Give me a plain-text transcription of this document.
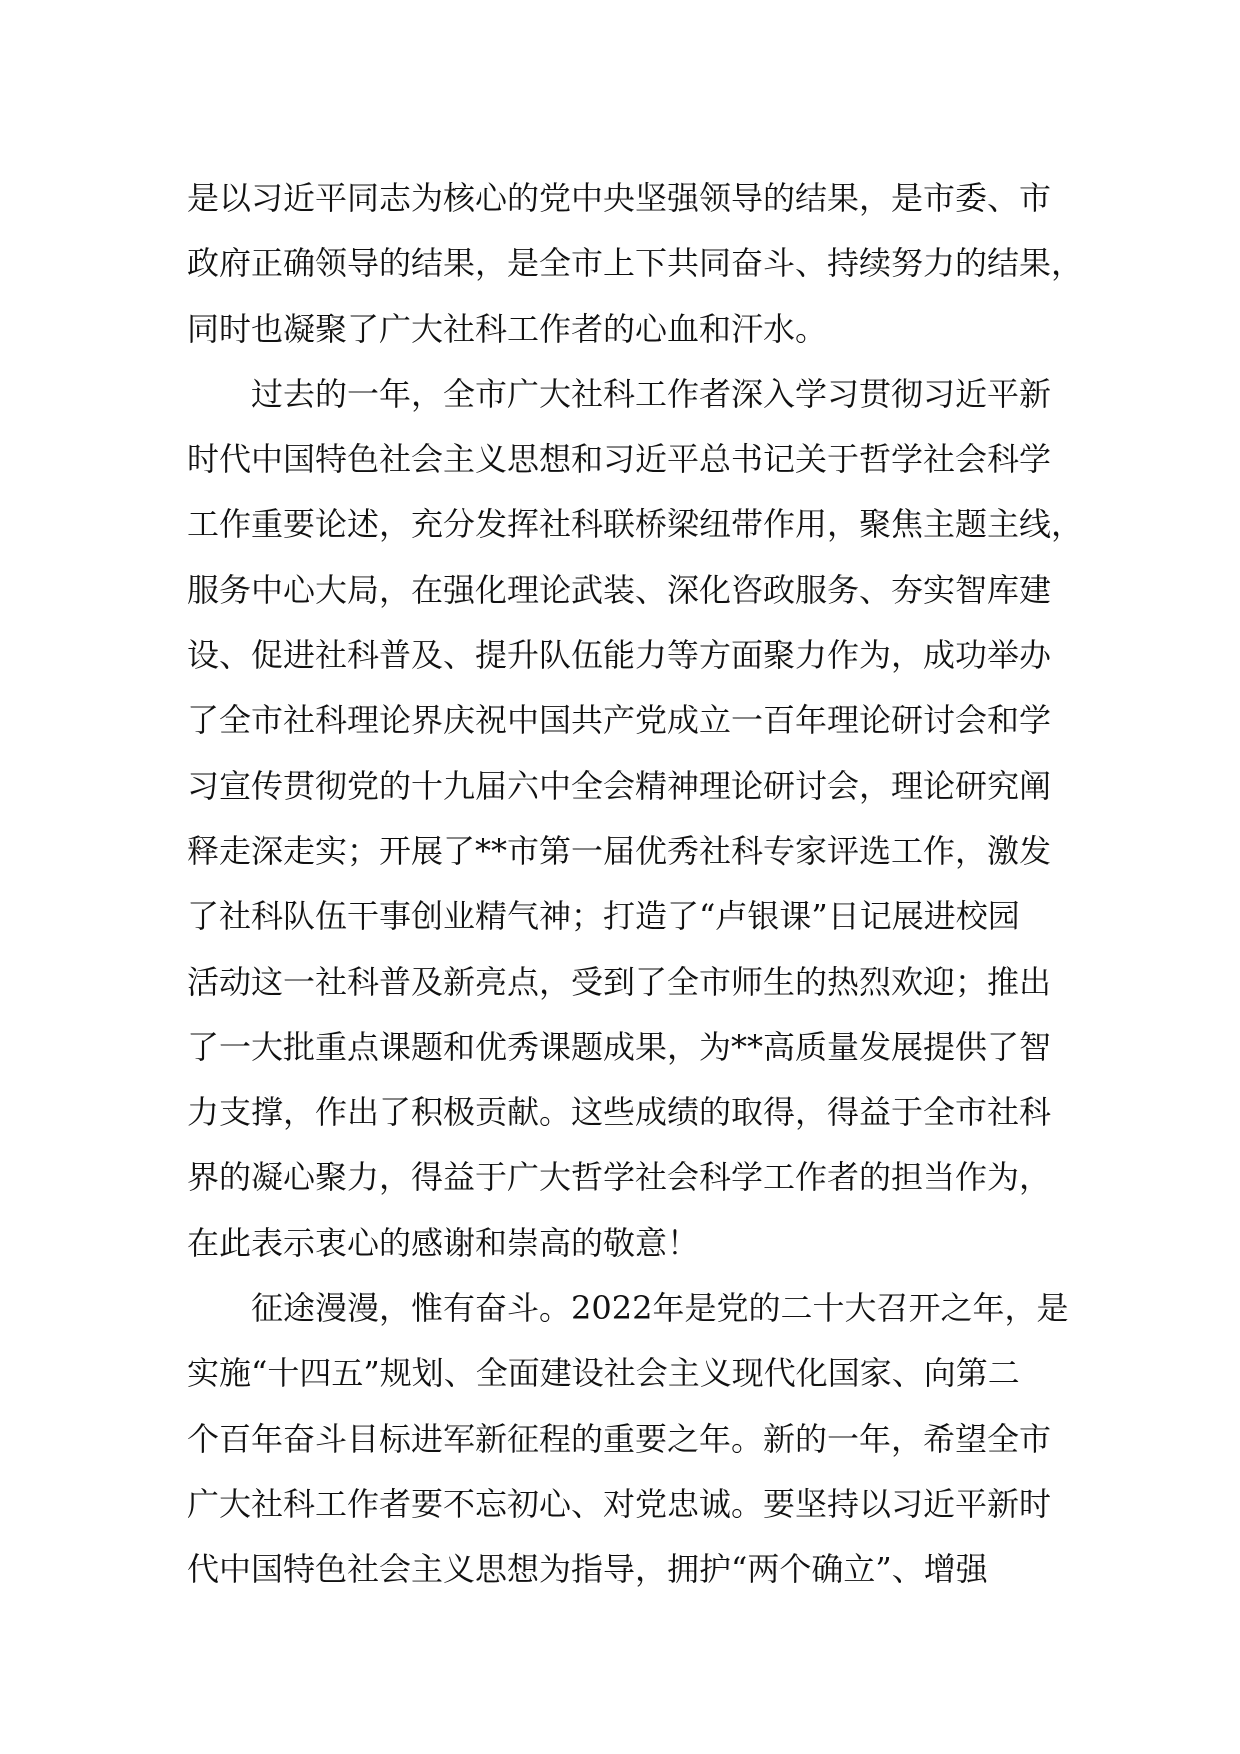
是以习近平同志为核心的党中央坚强领导的结果，是市委、市
政府正确领导的结果，是全市上下共同奋斗、持续努力的结果，
同时也凝聚了广大社科工作者的心血和汗水。
过去的一年，全市广大社科工作者深入学习贯彻习近平新
时代中国特色社会主义思想和习近平总书记关于哲学社会科学
工作重要论述，充分发挥社科联桥梁纽带作用，聚焦主题主线，
服务中心大局，在强化理论武装、深化咨政服务、夯实智库建
设、促进社科普及、提升队伍能力等方面聚力作为，成功举办
了全市社科理论界庆祝中国共产党成立一百年理论研讨会和学
习宣传贯彻党的十九届六中全会精神理论研讨会，理论研究阐
释走深走实；开展了**市第一届优秀社科专家评选工作，激发
了社科队伍干事创业精气神；打造了“卢银课”日记展进校园
活动这一社科普及新亮点，受到了全市师生的热烈欢迎；推出
了一大批重点课题和优秀课题成果，为**高质量发展提供了智
力支撑，作出了积极贡献。这些成绩的取得，得益于全市社科
界的凝心聚力，得益于广大哲学社会科学工作者的担当作为，
在此表示衷心的感谢和崇高的敬意！
征途漫漫，惟有奋斗。2022年是党的二十大召开之年，是
实施“十四五”规划、全面建设社会主义现代化国家、向第二
个百年奋斗目标进军新征程的重要之年。新的一年，希望全市
广大社科工作者要不忘初心、对党忠诚。要坚持以习近平新时
代中国特色社会主义思想为指导，拥护“两个确立”、增强
